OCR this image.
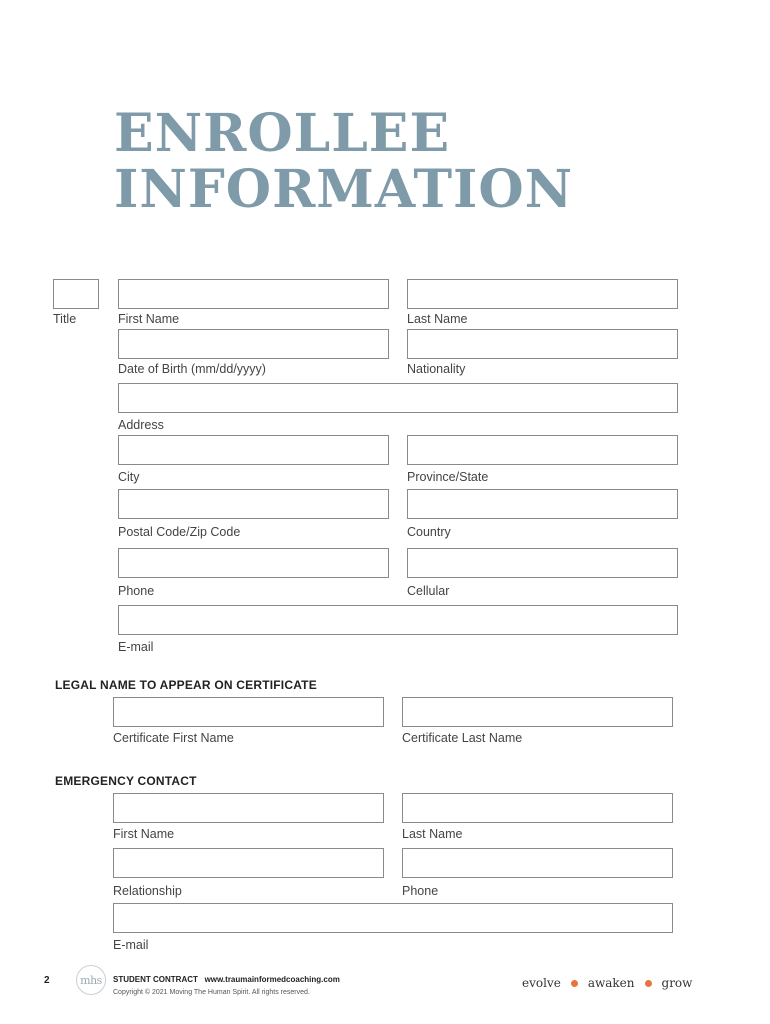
ENROLLEE
INFORMATION
Title	First Name	Last Name
Date of Birth (mm/dd/yyyy)	Nationality
Address
City	Province/State
Postal Code/Zip Code	Country
Phone	Cellular
E-mail
LEGAL NAME TO APPEAR ON CERTIFICATE
Certificate First Name	Certificate Last Name
EMERGENCY CONTACT
First Name	Last Name
Relationship	Phone
E-mail
2	mhs	STUDENT CONTRACT www.traumainformedcoaching.com
Copyright © 2021 Moving The Human Spirit. All rights reserved.
evolve awaken grow
